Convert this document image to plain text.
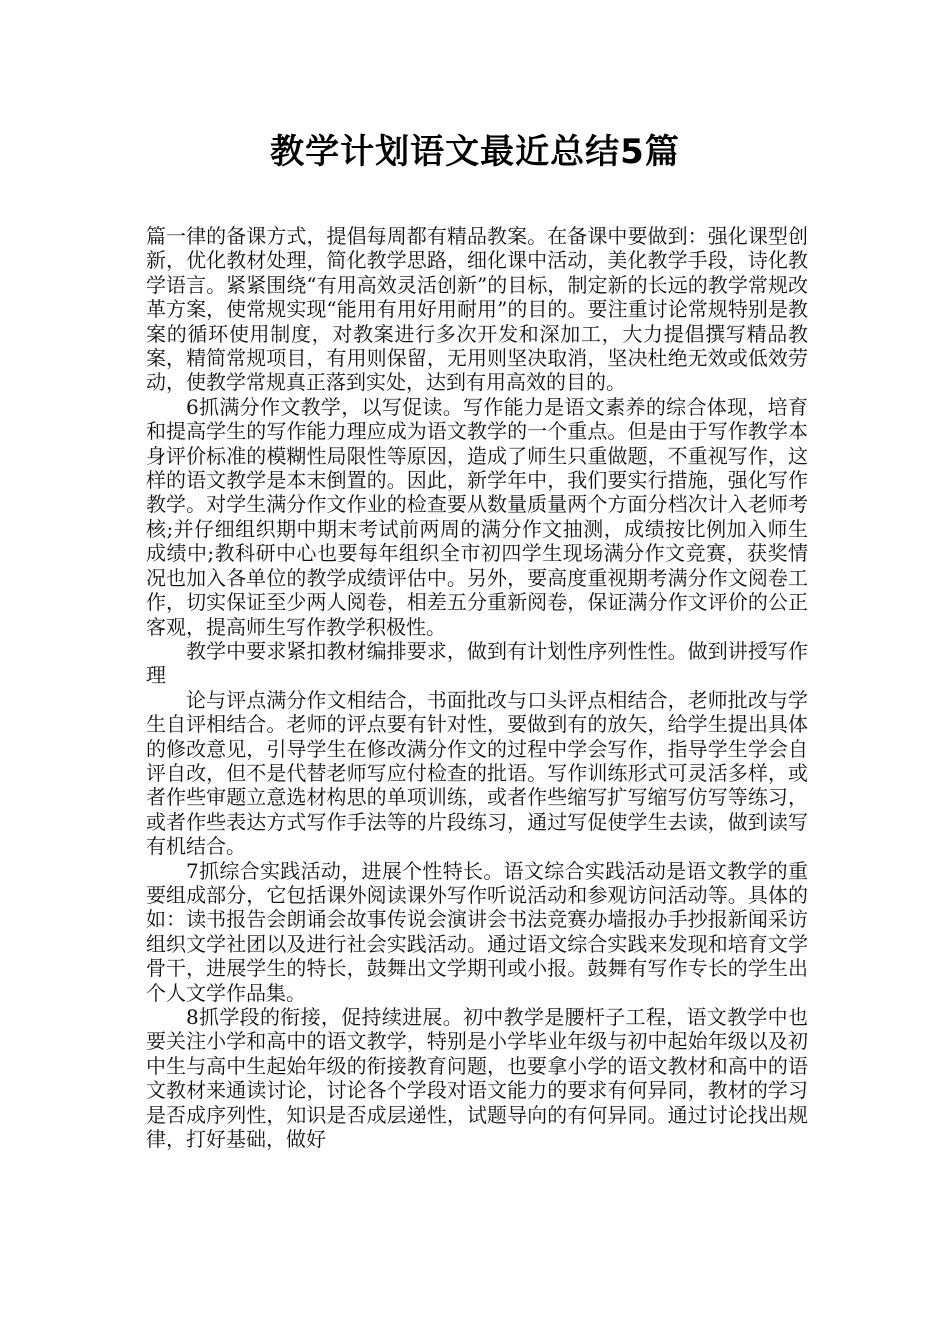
教学计划语文最近总结5篇

篇一律的备课方式，提倡每周都有精品教案。在备课中要做到：强化课型创新，优化教材处理，简化教学思路，细化课中活动，美化教学手段，诗化教学语言。紧紧围绕“有用高效灵活创新”的目标，制定新的长远的教学常规改革方案，使常规实现“能用有用好用耐用”的目的。要注重讨论常规特别是教案的循环使用制度，对教案进行多次开发和深加工，大力提倡撰写精品教案，精简常规项目，有用则保留，无用则坚决取消，坚决杜绝无效或低效劳动，使教学常规真正落到实处，达到有用高效的目的。

6抓满分作文教学，以写促读。写作能力是语文素养的综合体现，培育和提高学生的写作能力理应成为语文教学的一个重点。但是由于写作教学本身评价标准的模糊性局限性等原因，造成了师生只重做题，不重视写作，这样的语文教学是本末倒置的。因此，新学年中，我们要实行措施，强化写作教学。对学生满分作文作业的检查要从数量质量两个方面分档次计入老师考核;并仔细组织期中期末考试前两周的满分作文抽测，成绩按比例加入师生成绩中;教科研中心也要每年组织全市初四学生现场满分作文竞赛，获奖情况也加入各单位的教学成绩评估中。另外，要高度重视期考满分作文阅卷工作，切实保证至少两人阅卷，相差五分重新阅卷，保证满分作文评价的公正客观，提高师生写作教学积极性。

教学中要求紧扣教材编排要求，做到有计划性序列性性。做到讲授写作理

论与评点满分作文相结合，书面批改与口头评点相结合，老师批改与学生自评相结合。老师的评点要有针对性，要做到有的放矢，给学生提出具体的修改意见，引导学生在修改满分作文的过程中学会写作，指导学生学会自评自改，但不是代替老师写应付检查的批语。写作训练形式可灵活多样，或者作些审题立意选材构思的单项训练，或者作些缩写扩写缩写仿写等练习，或者作些表达方式写作手法等的片段练习，通过写促使学生去读，做到读写有机结合。

7抓综合实践活动，进展个性特长。语文综合实践活动是语文教学的重要组成部分，它包括课外阅读课外写作听说活动和参观访问活动等。具体的如：读书报告会朗诵会故事传说会演讲会书法竞赛办墙报办手抄报新闻采访组织文学社团以及进行社会实践活动。通过语文综合实践来发现和培育文学骨干，进展学生的特长，鼓舞出文学期刊或小报。鼓舞有写作专长的学生出个人文学作品集。

8抓学段的衔接，促持续进展。初中教学是腰杆子工程，语文教学中也要关注小学和高中的语文教学，特别是小学毕业年级与初中起始年级以及初中生与高中生起始年级的衔接教育问题，也要拿小学的语文教材和高中的语文教材来通读讨论，讨论各个学段对语文能力的要求有何异同，教材的学习是否成序列性，知识是否成层递性，试题导向的有何异同。通过讨论找出规律，打好基础，做好
